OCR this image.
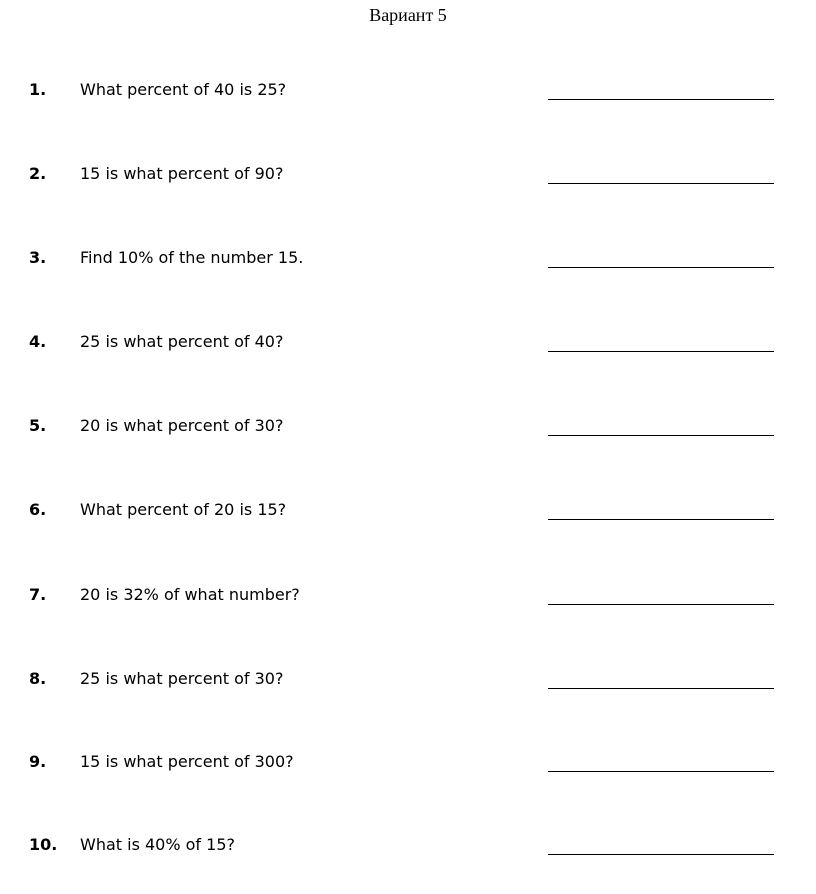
Вариант 5
1. What percent of 40 is 25?
2. 15 is what percent of 90?
3. Find 10% of the number 15.
4. 25 is what percent of 40?
5. 20 is what percent of 30?
6. What percent of 20 is 15?
7. 20 is 32% of what number?
8. 25 is what percent of 30?
9. 15 is what percent of 300?
10. What is 40% of 15?
